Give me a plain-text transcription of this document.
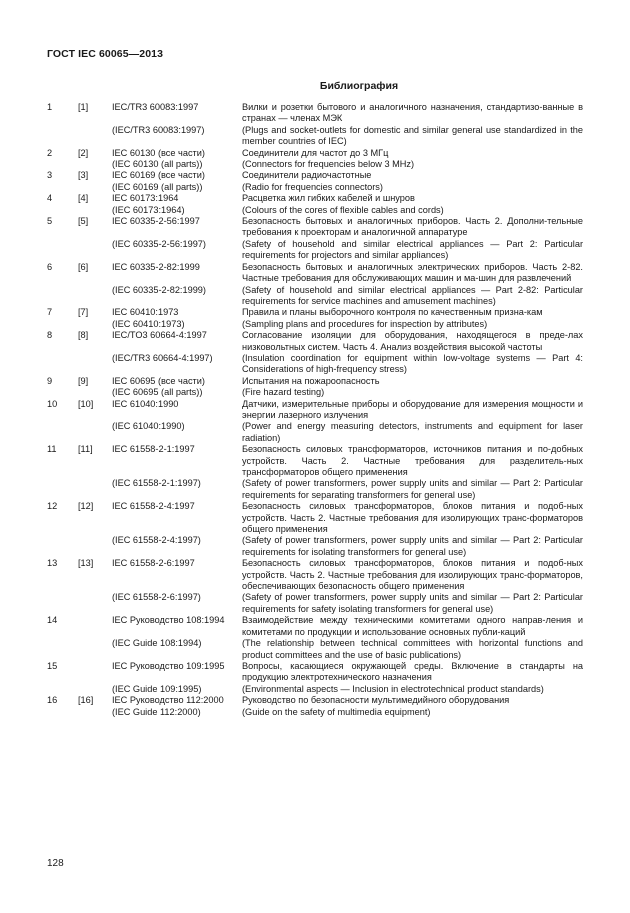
ГОСТ IEC 60065—2013
Библиография
1	[1]	IEC/TR3 60083:1997	Вилки и розетки бытового и аналогичного назначения, стандартизо-ванные в странах — членах МЭК
(IEC/TR3 60083:1997)	(Plugs and socket-outlets for domestic and similar general use standardized in the member countries of IEC)
2	[2]	IEC 60130 (все части)	Соединители для частот до 3 МГц
(IEC 60130 (all parts))	(Connectors for frequencies below 3 MHz)
3	[3]	IEC 60169 (все части)	Соединители радиочастотные
(IEC 60169 (all parts))	(Radio for frequencies connectors)
4	[4]	IEC 60173:1964	Расцветка жил гибких кабелей и шнуров
(IEC 60173:1964)	(Colours of the cores of flexible cables and cords)
5	[5]	IEC 60335-2-56:1997	Безопасность бытовых и аналогичных приборов. Часть 2. Дополни-тельные требования к проекторам и аналогичной аппаратуре
(IEC 60335-2-56:1997)	(Safety of household and similar electrical appliances — Part 2: Particular requirements for projectors and similar appliances)
6	[6]	IEC 60335-2-82:1999	Безопасность бытовых и аналогичных электрических приборов. Часть 2-82. Частные требования для обслуживающих машин и ма-шин для развлечений
(IEC 60335-2-82:1999)	(Safety of household and similar electrical appliances — Part 2-82: Particular requirements for service machines and amusement machines)
7	[7]	IEC 60410:1973	Правила и планы выборочного контроля по качественным призна-кам
(IEC 60410:1973)	(Sampling plans and procedures for inspection by attributes)
8	[8]	IEC/TO3 60664-4:1997	Согласование изоляции для оборудования, находящегося в преде-лах низковольтных систем. Часть 4. Анализ воздействия высокой частоты
(IEC/TR3 60664-4:1997)	(Insulation coordination for equipment within low-voltage systems — Part 4: Considerations of high-frequency stress)
9	[9]	IEC 60695 (все части)	Испытания на пожароопасность
(IEC 60695 (all parts))	(Fire hazard testing)
10	[10]	IEC 61040:1990	Датчики, измерительные приборы и оборудование для измерения мощности и энергии лазерного излучения
(IEC 61040:1990)	(Power and energy measuring detectors, instruments and equipment for laser radiation)
11	[11]	IEC 61558-2-1:1997	Безопасность силовых трансформаторов, источников питания и по-добных устройств. Часть 2. Частные требования для разделитель-ных трансформаторов общего применения
(IEC 61558-2-1:1997)	(Safety of power transformers, power supply units and similar — Part 2: Particular requirements for separating transformers for general use)
12	[12]	IEC 61558-2-4:1997	Безопасность силовых трансформаторов, блоков питания и подоб-ных устройств. Часть 2. Частные требования для изолирующих транс-форматоров общего применения
(IEC 61558-2-4:1997)	(Safety of power transformers, power supply units and similar — Part 2: Particular requirements for isolating transformers for general use)
13	[13]	IEC 61558-2-6:1997	Безопасность силовых трансформаторов, блоков питания и подоб-ных устройств. Часть 2. Частные требования для изолирующих транс-форматоров, обеспечивающих безопасность общего применения
(IEC 61558-2-6:1997)	(Safety of power transformers, power supply units and similar — Part 2: Particular requirements for safety isolating transformers for general use)
14	IEC Руководство 108:1994	Взаимодействие между техническими комитетами одного направ-ления и комитетами по продукции и использование основных публи-каций
(IEC Guide 108:1994)	(The relationship between technical committees with horizontal functions and product committees and the use of basic publications)
15	IEC Руководство 109:1995	Вопросы, касающиеся окружающей среды. Включение в стандарты на продукцию электротехнического назначения
(IEC Guide 109:1995)	(Environmental aspects — Inclusion in electrotechnical product standards)
16	[16]	IEC Руководство 112:2000	Руководство по безопасности мультимедийного оборудования
(IEC Guide 112:2000)	(Guide on the safety of multimedia equipment)
128
